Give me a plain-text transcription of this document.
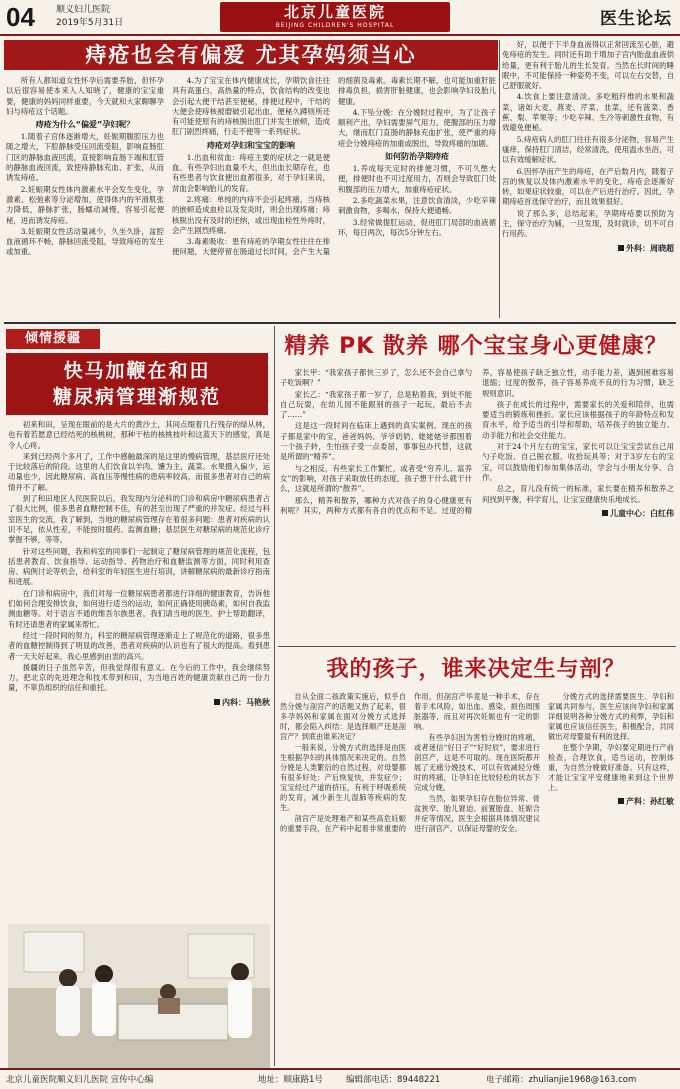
04 顺义妇儿医院
2019年5月31日
北京儿童医院
BEIJING CHILDREN'S HOSPITAL	医生论坛
痔疮也会有偏爱 尤其孕妈须当心

所有人都知道女性怀孕后需要养胎，但怀孕以后很容易使本来人人知晓了，健康的宝宝重要，健康的妈妈同样重要，今天就和大家聊聊孕妇与痔疮这个话题。

痔疮为什么“偏爱”孕妇呢？

1.随着子宫体逐渐增大，妊娠期腹腔压力也随之增大，下腔静脉受压回流受阻，影响直肠肛门区的静脉血液回流，直接影响直肠下端和肛管的静脉血液回流，致使痔静脉充血、扩张，从而诱发痔疮。

2.妊娠期女性体内激素水平会发生变化，孕激素、松弛素等分泌增加，使得体内的平滑肌张力降低，静脉扩张，肠蠕动减慢，容易引起便秘，进而诱发痔疮。

3.妊娠期女性活动量减少，久坐久卧，盆腔血液循环不畅，静脉回流受阻，导致痔疮的发生或加重。

4.为了宝宝在体内健康成长，孕期饮食往往具有高蛋白、高热量的特点，饮食结构的改变也会引起大便干结甚至便秘，排便过程中，干结的大便会使痔核被磨破引起出血，便秘久蹲则所还有可能使原有的痔核脱出肛门并发生嵌顿，造成肛门剧烈疼痛，行走不便等一系列症状。

痔疮对孕妇和宝宝的影响

1.出血和贫血：痔疮主要的症状之一就是便血。有些孕妇出血量不大，但出血长期存在，也有些患者与饮食便出血都很多，对于孕妇来说，贫血会影响胎儿的发育。

2.疼痛：单纯的内痔不会引起疼痛，当痔核的嵌顿造成血栓以及发炎时，则会出现疼痛；痔核脱出没有及时的还纳，或出现血栓性外痔时，会产生剧烈疼痛。

3.毒素吸收：患有痔疮的孕期女性往往在排便问题，大便停留在肠道过长时间，会产生大量的细菌及毒素。毒素长期不解，也可能加重肝脏排毒负担，损害肝脏健康，也会影响孕妇及胎儿健康。

4.下坠分娩：在分娩时过程中，为了让孩子顺利产出，孕妇需要屏气用力，使腹部的压力增大，继而肛门直肠的静脉充血扩张，使严重的痔疮会分娩痔疮的加重或脱出，导致疼痛的加剧。

如何防治孕期痔疮

1.养成每天定时的排便习惯，不可久憋大便，排便时也不可过度用力，否则会导致肛门处和腹部的压力增大，加重痔疮症状。

2.多吃蔬菜水果，注意饮食清淡，少吃辛辣刺激食物，多喝水，保持大便通畅。

3.经常做提肛运动，促进肛门局部的血液循环，每日两次，每次5分钟左右。

好，以便于下半身血液得以正常回流至心脏，避免痔疮的发生。同时还有助于增加子宫内胎盘血液供给量，更有利于胎儿的生长发育。当然在长时间的睡眠中，不可能保持一种姿势不变，可以左右交替，自己舒服就好。

4.饮食上要注意清淡。多吃粗纤维的水果和蔬菜，诸如大麦、燕麦、芹菜、韭菜，还有菠菜、香蕉、梨、苹果等；少吃辛辣、生冷等刺激性食物，有效避免便秘。

5.痔疮病人的肛门往往有很多分泌物，容易产生瘙痒，保持肛门清洁，经常清洗，使用温水坐浴，可以有效缓解症状。

6.因怀孕而产生的痔疮，在产后数月内，随着子宫的恢复以及体内激素水平的变化，痔疮会逐渐好转，如果症状较重，可以在产后进行治疗。因此，孕期痔疮首选保守治疗，而且效果很好。

说了那么多，总结起来，孕期痔疮要以预防为主，保守治疗为辅，一旦发现，及时就诊，切不可自行用药。

外科：周晓超
倾情援疆
快马加鞭在和田
糖尿病管理渐规范

初来和田，呈现在眼前的是大片的黄沙土，其间点缀着几行残存的绿从林，也有着若愿意已经结死的核桃树，那种干枯的核桃枝叶和这蓝天下的感觉，真是令人心疼。

来到已经两个多月了，工作中感触最深的是这里的慢病管理，基层医疗还处于比较落后的阶段。这里的人们饮食以羊肉、馕为主，蔬菜、水果摄入偏少，运动量也少，因此糖尿病、高血压等慢性病的患病率较高，而很多患者对自己的病情并不了解。

到了和田地区人民医院以后，我发现内分泌科的门诊和病房中糖尿病患者占了很大比例，很多患者血糖控制不佳，有的甚至出现了严重的并发症。经过与科室医生的交流，我了解到，当地的糖尿病管理存在着很多问题：患者对疾病的认识不足，依从性差，不能按时服药、监测血糖；基层医生对糖尿病的规范化诊疗掌握不够，等等。

针对这些问题，我和科室的同事们一起制定了糖尿病管理的规范化流程，包括患者教育、饮食指导、运动指导、药物治疗和血糖监测等方面，同时利用查房、病例讨论等机会，给科室的年轻医生进行培训，讲解糖尿病的最新诊疗指南和进展。

在门诊和病房中，我们对每一位糖尿病患者都进行详细的健康教育，告诉他们如何合理安排饮食，如何进行适当的运动，如何正确使用胰岛素，如何自我监测血糖等。对于语言不通的维吾尔族患者，我们请当地的医生、护士帮助翻译，有时还请患者的家属来帮忙。

经过一段时间的努力，科室的糖尿病管理逐渐走上了规范化的道路，很多患者的血糖控制得到了明显的改善，患者对疾病的认识也有了很大的提高。看到患者一天天好起来，我心里感到由衷的高兴。

援疆的日子虽然辛苦，但我觉得很有意义。在今后的工作中，我会继续努力，把北京的先进理念和技术带到和田，为当地百姓的健康贡献自己的一份力量，不辜负组织的信任和重托。

内科：马艳秋
精养 PK 散养 哪个宝宝身心更健康？

家长甲：“我家孩子都快三岁了，怎么还不会自己拿勺子吃饭啊？”

家长乙：“我家孩子都一岁了，总是粘着我，到处不能自己玩耍，在幼儿园不能跟别的孩子一起玩，最后不去了……”

这是这一段时间在临床上遇到的真实案例。现在的孩子都是家中的宝，爸爸妈妈、爷爷奶奶、姥姥姥爷都围着一个孩子转，生怕孩子受一点委屈，事事包办代替，这就是所谓的“精养”。

与之相反，有些家长工作繁忙，或者受“穷养儿、富养女”的影响，对孩子采取放任的态度，孩子想干什么就干什么，这就是所谓的“散养”。

那么，精养和散养，哪种方式对孩子的身心健康更有利呢？其实，两种方式都有各自的优点和不足。过度的精养，容易使孩子缺乏独立性，动手能力差，遇到困难容易退缩；过度的散养，孩子容易养成不良的行为习惯，缺乏规则意识。

孩子在成长的过程中，需要家长的关爱和陪伴，也需要适当的锻炼和挫折。家长应该根据孩子的年龄特点和发育水平，给予适当的引导和帮助，培养孩子的独立能力、动手能力和社会交往能力。

对于24个月左右的宝宝，家长可以让宝宝尝试自己用勺子吃饭、自己脱衣服、收拾玩具等；对于3岁左右的宝宝，可以鼓励他们参加集体活动，学会与小朋友分享、合作。

总之，育儿没有统一的标准，家长要在精养和散养之间找到平衡，科学育儿，让宝宝健康快乐地成长。

儿童中心：白红伟
我的孩子，谁来决定生与剖？

自从全面二孩政策实施后，似乎自然分娩与剖宫产的话题又热了起来，很多孕妈妈和家属在面对分娩方式选择时，都会陷入纠结：是选择顺产还是剖宫产？到底由谁来决定？

一般来说，分娩方式的选择是由医生根据孕妇的具体情况来决定的。自然分娩是人类繁衍的自然过程，对母婴都有很多好处：产后恢复快，并发症少；宝宝经过产道的挤压，有利于呼吸系统的发育，减少新生儿湿肺等疾病的发生。

剖宫产是处理难产和某些高危妊娠的重要手段，在产科中起着非常重要的作用，但剖宫产毕竟是一种手术，存在着手术风险，如出血、感染、损伤周围脏器等，而且对再次妊娠也有一定的影响。

有些孕妇因为害怕分娩时的疼痛，或者迷信“好日子”“好时辰”，要求进行剖宫产，这是不可取的。现在医院都开展了无痛分娩技术，可以有效减轻分娩时的疼痛，让孕妇在比较轻松的状态下完成分娩。

当然，如果孕妇存在胎位异常、骨盆狭窄、胎儿窘迫、前置胎盘、妊娠合并症等情况，医生会根据具体情况建议进行剖宫产，以保证母婴的安全。

分娩方式的选择需要医生、孕妇和家属共同参与，医生应该向孕妇和家属详细说明各种分娩方式的利弊，孕妇和家属也应该信任医生，积极配合，共同做出对母婴最有利的选择。

在整个孕期，孕妇要定期进行产前检查，合理饮食，适当运动，控制体重，为自然分娩做好准备。只有这样，才能让宝宝平安健康地来到这个世界上。

产科：孙红敏
北京儿童医院顺义妇儿医院 宣传中心编	地址：顺康路1号	编辑部电话：89448221	电子邮箱：zhulianjie1968@163.com
